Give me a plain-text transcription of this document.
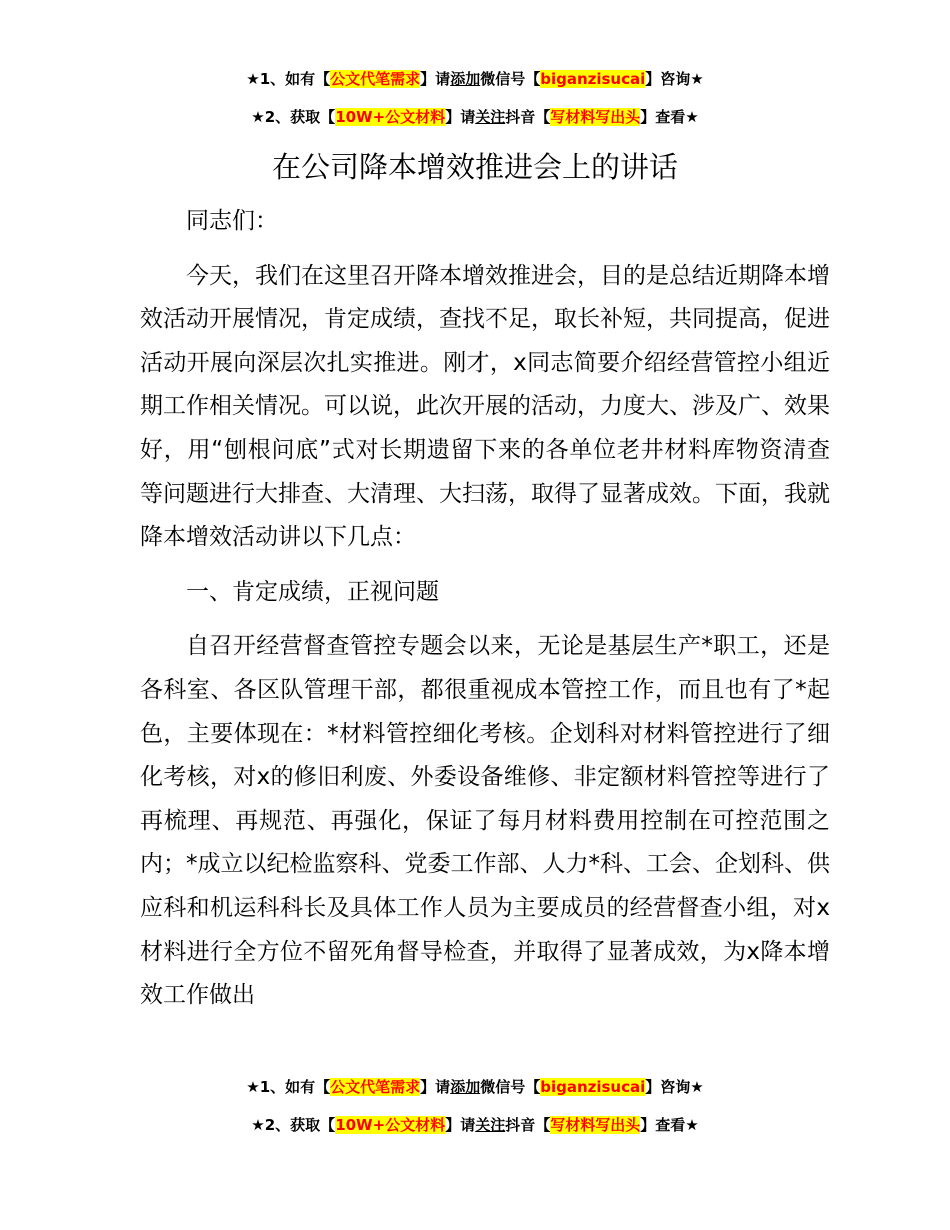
★1、如有【公文代笔需求】请添加微信号【biganzisucai】咨询★
★2、获取【10W+公文材料】请关注抖音【写材料写出头】查看★
在公司降本增效推进会上的讲话

同志们：

今天，我们在这里召开降本增效推进会，目的是总结近期降本增效活动开展情况，肯定成绩，查找不足，取长补短，共同提高，促进活动开展向深层次扎实推进。刚才，x同志简要介绍经营管控小组近期工作相关情况。可以说，此次开展的活动，力度大、涉及广、效果好，用“刨根问底”式对长期遗留下来的各单位老井材料库物资清查等问题进行大排查、大清理、大扫荡，取得了显著成效。下面，我就降本增效活动讲以下几点：

一、肯定成绩，正视问题

自召开经营督查管控专题会以来，无论是基层生产*职工，还是各科室、各区队管理干部，都很重视成本管控工作，而且也有了*起色，主要体现在：*材料管控细化考核。企划科对材料管控进行了细化考核，对x的修旧利废、外委设备维修、非定额材料管控等进行了再梳理、再规范、再强化，保证了每月材料费用控制在可控范围之内；*成立以纪检监察科、党委工作部、人力*科、工会、企划科、供应科和机运科科长及具体工作人员为主要成员的经营督查小组，对x材料进行全方位不留死角督导检查，并取得了显著成效，为x降本增效工作做出

★1、如有【公文代笔需求】请添加微信号【biganzisucai】咨询★
★2、获取【10W+公文材料】请关注抖音【写材料写出头】查看★
